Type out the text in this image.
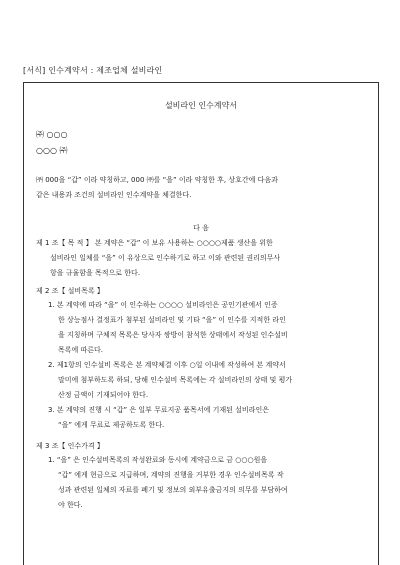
[서식] 인수계약서 : 제조업체 설비라인
설비라인 인수계약서
㈜ ○○○
○○○ ㈜
㈜ 000을 “갑” 이라 약칭하고, 000 ㈜를 “을” 이라 약칭한 후, 상호간에 다음과
같은 내용과 조건의 설비라인 인수계약을 체결한다.
다 음
제 1 조【 목 적 】 본 계약은 “갑” 이 보유 사용하는 ○○○○제품 생산을 위한
설비라인 일체를 “을” 이 유상으로 인수하기로 하고 이와 관련된 권리의무사
항을 규율함을 목적으로 한다.
제 2 조【 설비목록 】
1. 본 계약에 따라 “을” 이 인수하는 ○○○○ 설비라인은 공인기관에서 인증
한 상능점사 결정표가 첨부된 설비라인 및 기타 “을” 이 인수를 지적한 라인
을 지칭하며 구체적 목록은 당사자 쌍방이 참석한 상태에서 작성된 인수설비
목록에 따른다.
2. 제1항의 인수설비 목록은 본 계약체결 이후 ○일 이내에 작성하여 본 계약서
말미에 첨부하도록 하되, 당해 인수설비 목록에는 각 설비라인의 상태 및 평가
산정 금액이 기재되어야 한다.
3. 본 계약의 진행 시 “갑” 은 일부 무료지공 품목서에 기재된 설비라인은
“을” 에게 무료로 제공하도록 한다.
제 3 조【 인수가격 】
1. “을” 은 인수설비목록의 작성완료와 동시에 계약금으로 금 ○○○원을
“갑” 에게 현금으로 지급하며, 계약의 진행을 거부한 경우 인수설비목록 작
성과 관련된 일체의 자료를 폐기 및 정보의 외부유출금지의 의무를 부담하여
야 한다.
